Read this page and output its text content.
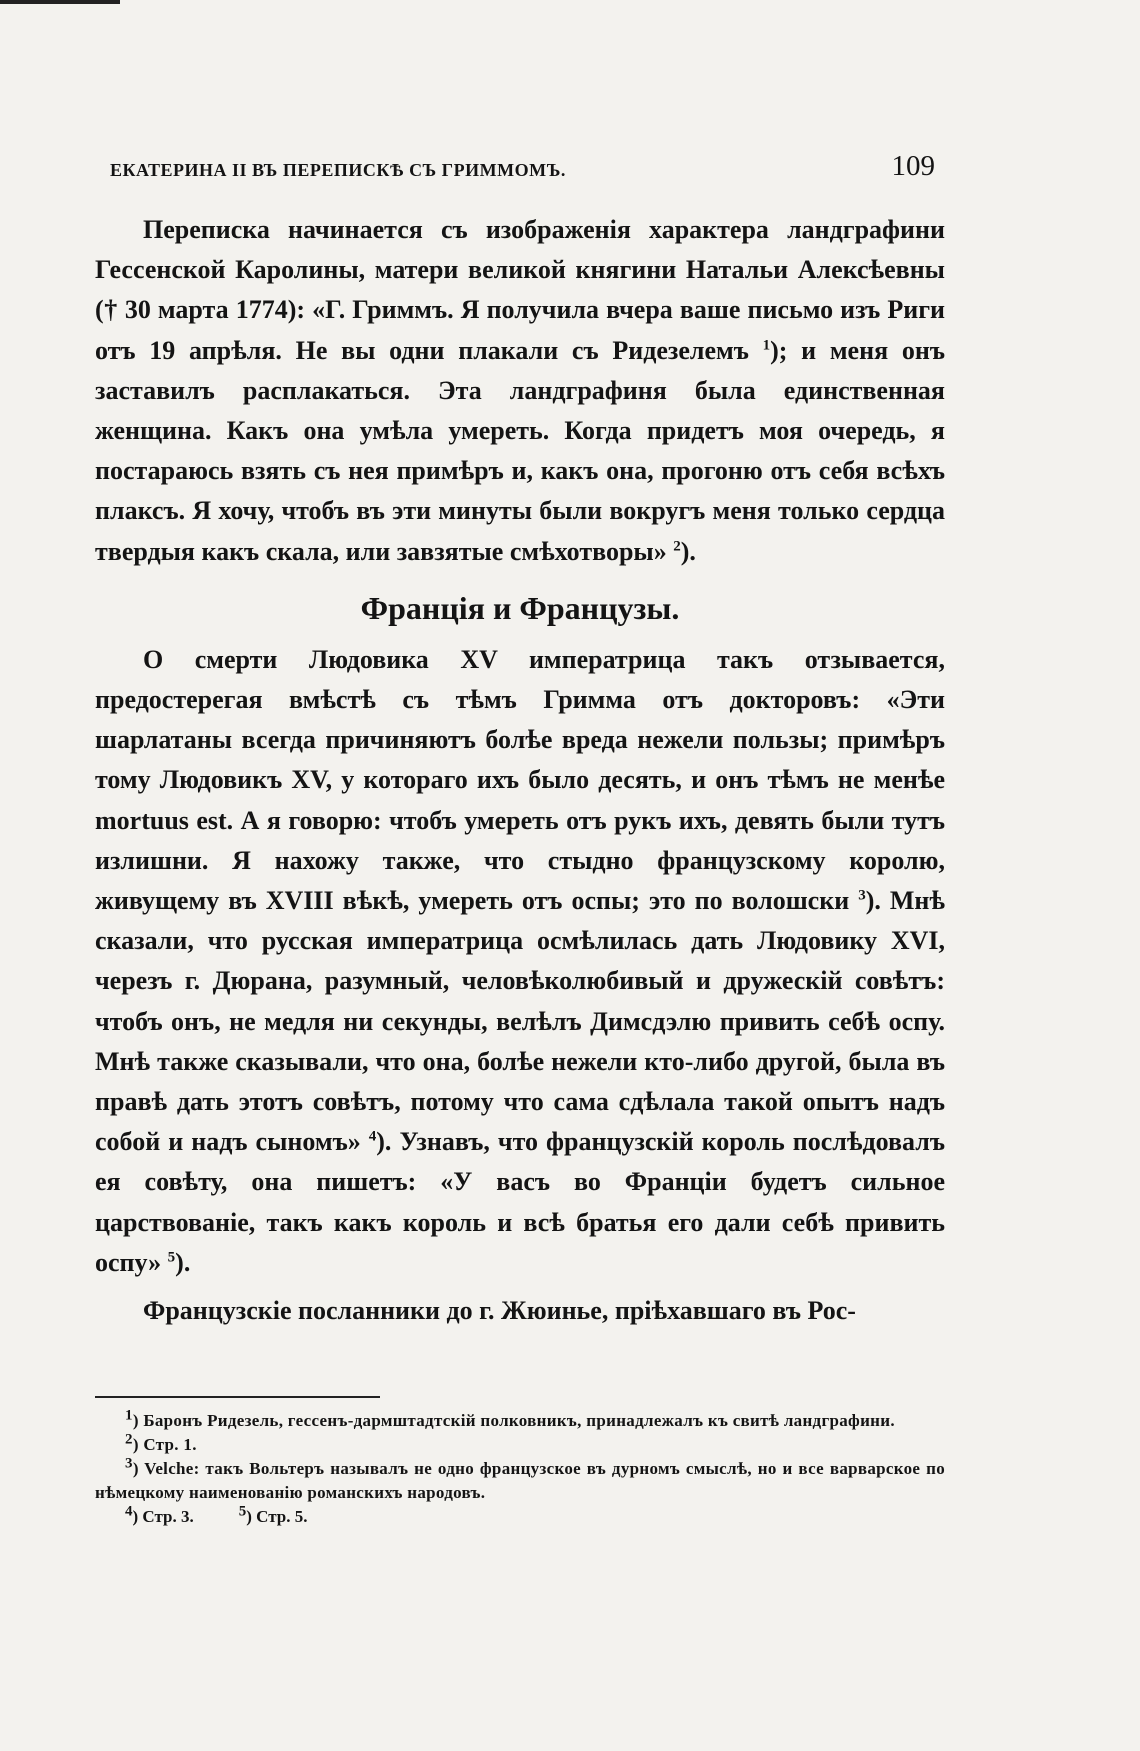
ЕКАТЕРИНА II ВЪ ПЕРЕПИСКѢ СЪ ГРИММОМЪ.	109

Переписка начинается съ изображенія характера ландграфини Гессенской Каролины, матери великой княгини Натальи Алексѣевны († 30 марта 1774): «Г. Гриммъ. Я получила вчера ваше письмо изъ Риги отъ 19 апрѣля. Не вы одни плакали съ Ридезелемъ $^1$); и меня онъ заставилъ расплакаться. Эта ландграфиня была единственная женщина. Какъ она умѣла умереть. Когда придетъ моя очередь, я постараюсь взять съ нея примѣръ и, какъ она, прогоню отъ себя всѣхъ плаксъ. Я хочу, чтобъ въ эти минуты были вокругъ меня только сердца твердыя какъ скала, или завзятые смѣхотворы» $^2$).

Франція и Французы.

О смерти Людовика XV императрица такъ отзывается, предостерегая вмѣстѣ съ тѣмъ Гримма отъ докторовъ: «Эти шарлатаны всегда причиняютъ болѣе вреда нежели пользы; примѣръ тому Людовикъ XV, у котораго ихъ было десять, и онъ тѣмъ не менѣе mortuus est. А я говорю: чтобъ умереть отъ рукъ ихъ, девять были тутъ излишни. Я нахожу также, что стыдно французскому королю, живущему въ XVIII вѣкѣ, умереть отъ оспы; это по волошски $^3$). Мнѣ сказали, что русская императрица осмѣлилась дать Людовику XVI, черезъ г. Дюрана, разумный, человѣколюбивый и дружескій совѣтъ: чтобъ онъ, не медля ни секунды, велѣлъ Димсдэлю привить себѣ оспу. Мнѣ также сказывали, что она, болѣе нежели кто-либо другой, была въ правѣ дать этотъ совѣтъ, потому что сама сдѣлала такой опытъ надъ собой и надъ сыномъ» $^4$). Узнавъ, что французскій король послѣдовалъ ея совѣту, она пишетъ: «У васъ во Франціи будетъ сильное царствованіе, такъ какъ король и всѣ братья его дали себѣ привить оспу» $^5$).

Французскіе посланники до г. Жюинье, пріѣхавшаго въ Рос-

$^1$) Баронъ Ридезель, гессенъ-дармштадтскій полковникъ, принадлежалъ къ свитѣ ландграфини.

$^2$) Стр. 1.

$^3$) Velche: такъ Вольтеръ называлъ не одно французское въ дурномъ смыслѣ, но и все варварское по нѣмецкому наименованію романскихъ народовъ.

$^4$) Стр. 3.	$^5$) Стр. 5.
